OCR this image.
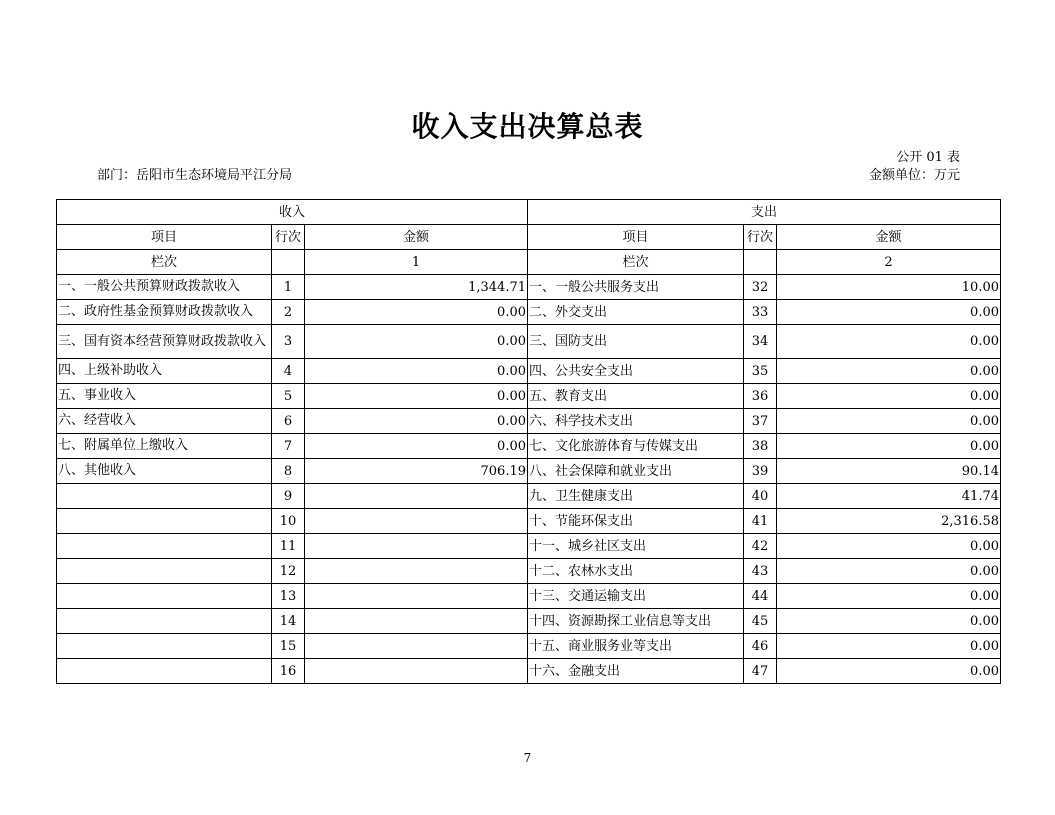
收入支出决算总表
公开 01 表
部门：岳阳市生态环境局平江分局	金额单位：万元
收入			支出		
项目	行次	金额	项目	行次	金额
栏次		1	栏次		2
一、一般公共预算财政拨款收入	1	1,344.71	一、一般公共服务支出	32	10.00
二、政府性基金预算财政拨款收入	2	0.00	二、外交支出	33	0.00
三、国有资本经营预算财政拨款收入	3	0.00	三、国防支出	34	0.00
四、上级补助收入	4	0.00	四、公共安全支出	35	0.00
五、事业收入	5	0.00	五、教育支出	36	0.00
六、经营收入	6	0.00	六、科学技术支出	37	0.00
七、附属单位上缴收入	7	0.00	七、文化旅游体育与传媒支出	38	0.00
八、其他收入	8	706.19	八、社会保障和就业支出	39	90.14
	9		九、卫生健康支出	40	41.74
	10		十、节能环保支出	41	2,316.58
	11		十一、城乡社区支出	42	0.00
	12		十二、农林水支出	43	0.00
	13		十三、交通运输支出	44	0.00
	14		十四、资源勘探工业信息等支出	45	0.00
	15		十五、商业服务业等支出	46	0.00
	16		十六、金融支出	47	0.00
7
